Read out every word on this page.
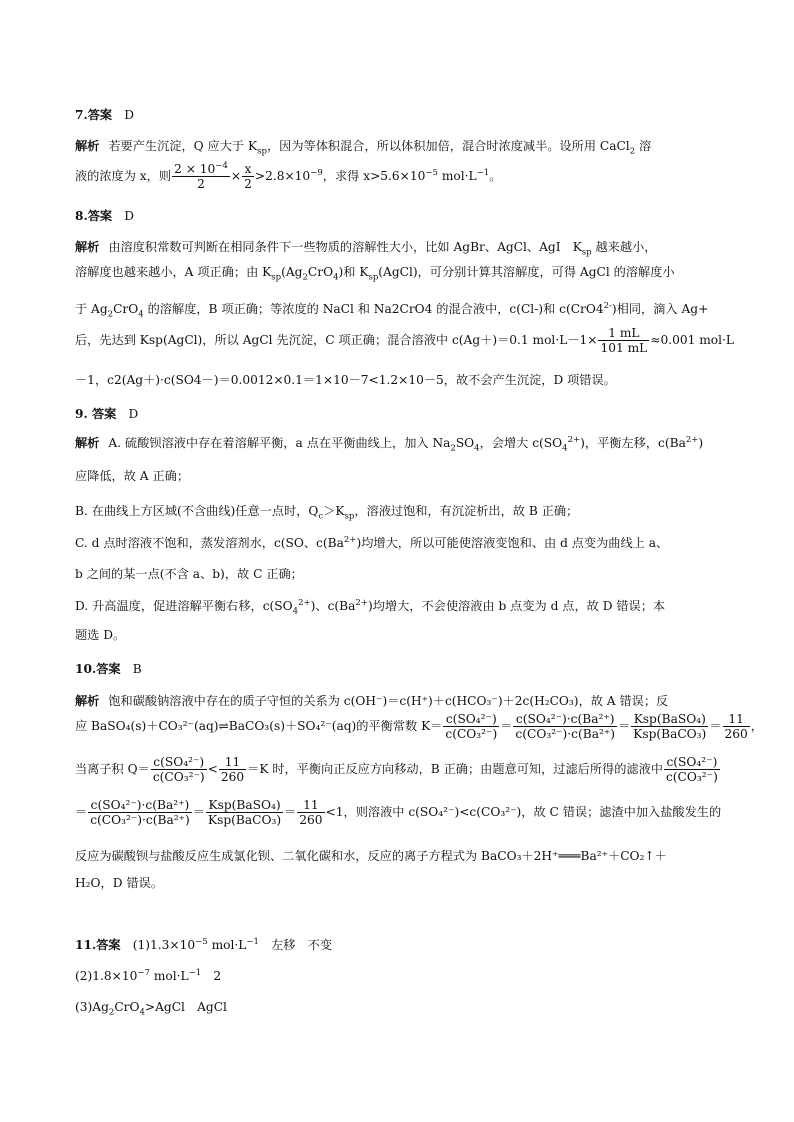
7.答案　 D
解析 若要产生沉淀，Q 应大于 $K_{sp}$，因为等体积混合，所以体积加倍，混合时浓度减半。设所用 CaCl$_2$ 溶
液的浓度为 x，则 $\frac{2 \times 10^{-4}}{2} \times \frac{x}{2} >2.8\times 10^{-9}$，求得 $x>5.6\times 10^{-5}$ $mol\cdot L^{-1}$。
8.答案　 D
解析 由溶度积常数可判断在相同条件下一些物质的溶解性大小，比如 AgBr、AgCl、AgI　$K_{sp}$ 越来越小，
溶解度也越来越小，A 项正确；由 $K_{sp}(Ag_2CrO_4)$和 $K_{sp}(AgCl)$，可分别计算其溶解度，可得 AgCl 的溶解度小
于 $Ag_2CrO_4$ 的溶解度，B 项正确；等浓度的 NaCl 和 Na2CrO4 的混合液中，c(Cl-)和 $c(CrO4^{2-})$相同，滴入 Ag+
后，先达到 Ksp(AgCl)，所以 AgCl 先沉淀，C 项正确；混合溶液中 c(Ag＋)＝0.1 $mol\cdot L-1\times \frac{1 mL}{101 mL} \approx 0.001$ mol·L
－1，c2(Ag＋)·c(SO4－)＝0.0012×0.1＝1×10－7<1.2×10－5，故不会产生沉淀，D 项错误。
9. 答案　 D
解析 A. 硫酸钡溶液中存在着溶解平衡，a 点在平衡曲线上，加入 $Na_2SO_4$，会增大 $c(SO_4^{2+})$，平衡左移，$c(Ba^{2+})$
应降低，故 A 正确；
B. 在曲线上方区域(不含曲线)任意一点时，$Q_c>K_{sp}$，溶液过饱和，有沉淀析出，故 B 正确；
C. d 点时溶液不饱和，蒸发溶剂水，c(SO、$c(Ba^{2+})$均增大，所以可能使溶液变饱和、由 d 点变为曲线上 a、
b 之间的某一点(不含 a、b)，故 C 正确；
D. 升高温度，促进溶解平衡右移，$c(SO_4^{2+})$、$c(Ba^{2+})$均增大，不会使溶液由 b 点变为 d 点，故 D 错误；本
题选 D。
10.答案　 B
解析 饱和碳酸钠溶液中存在的质子守恒的关系为 c(OH⁻)＝c(H⁺)＋c(HCO₃⁻)＋2c(H₂CO₃)，故 A 错误；反
应 BaSO₄(s)＋CO₃²⁻(aq)⇌BaCO₃(s)＋SO₄²⁻(aq)的平衡常数 $K= \frac{\text{c(SO₄²⁻)}}{\text{c(CO₃²⁻)}} = \frac{\text{c(SO₄²⁻)·c(Ba²⁺)}}{\text{c(CO₃²⁻)·c(Ba²⁺)}}$ ＝
Ksp(BaSO₄)
Ksp(BaCO₃)
＝ $\frac{11}{260}$ ，
当离子积 $Q= \frac{\text{c(SO₄²⁻)}}{\text{c(CO₃²⁻)}} < \frac{11}{260} =K$ 时，平衡向正反应方向移动，B 正确；由题意可知，过滤后所得的滤液中 $\frac{\text{c(SO₄²⁻)}}{\text{c(CO₃²⁻)}}$
＝ $\frac{\text{c(SO₄²⁻)·c(Ba²⁺)}}{\text{c(CO₃²⁻)·c(Ba²⁺)}}$ ＝
Ksp(BaSO₄)
Ksp(BaCO₃)
＝ $\frac{11}{260} <1$，则溶液中 c(SO₄²⁻)<c(CO₃²⁻)，故 C 错误；滤渣中加入盐酸发生的
反应为碳酸钡与盐酸反应生成氯化钡、二氧化碳和水，反应的离子方程式为 BaCO₃＋2H⁺═══Ba²⁺＋CO₂↑＋
H₂O，D 错误。
11.答案　 $(1)1.3\times 10^{-5}$ $mol\cdot L^{-1}$　左移　不变
$(2)1.8\times 10^{-7}$ $mol\cdot L^{-1}$　2
$(3)Ag_2CrO_4>AgCl$　AgCl
